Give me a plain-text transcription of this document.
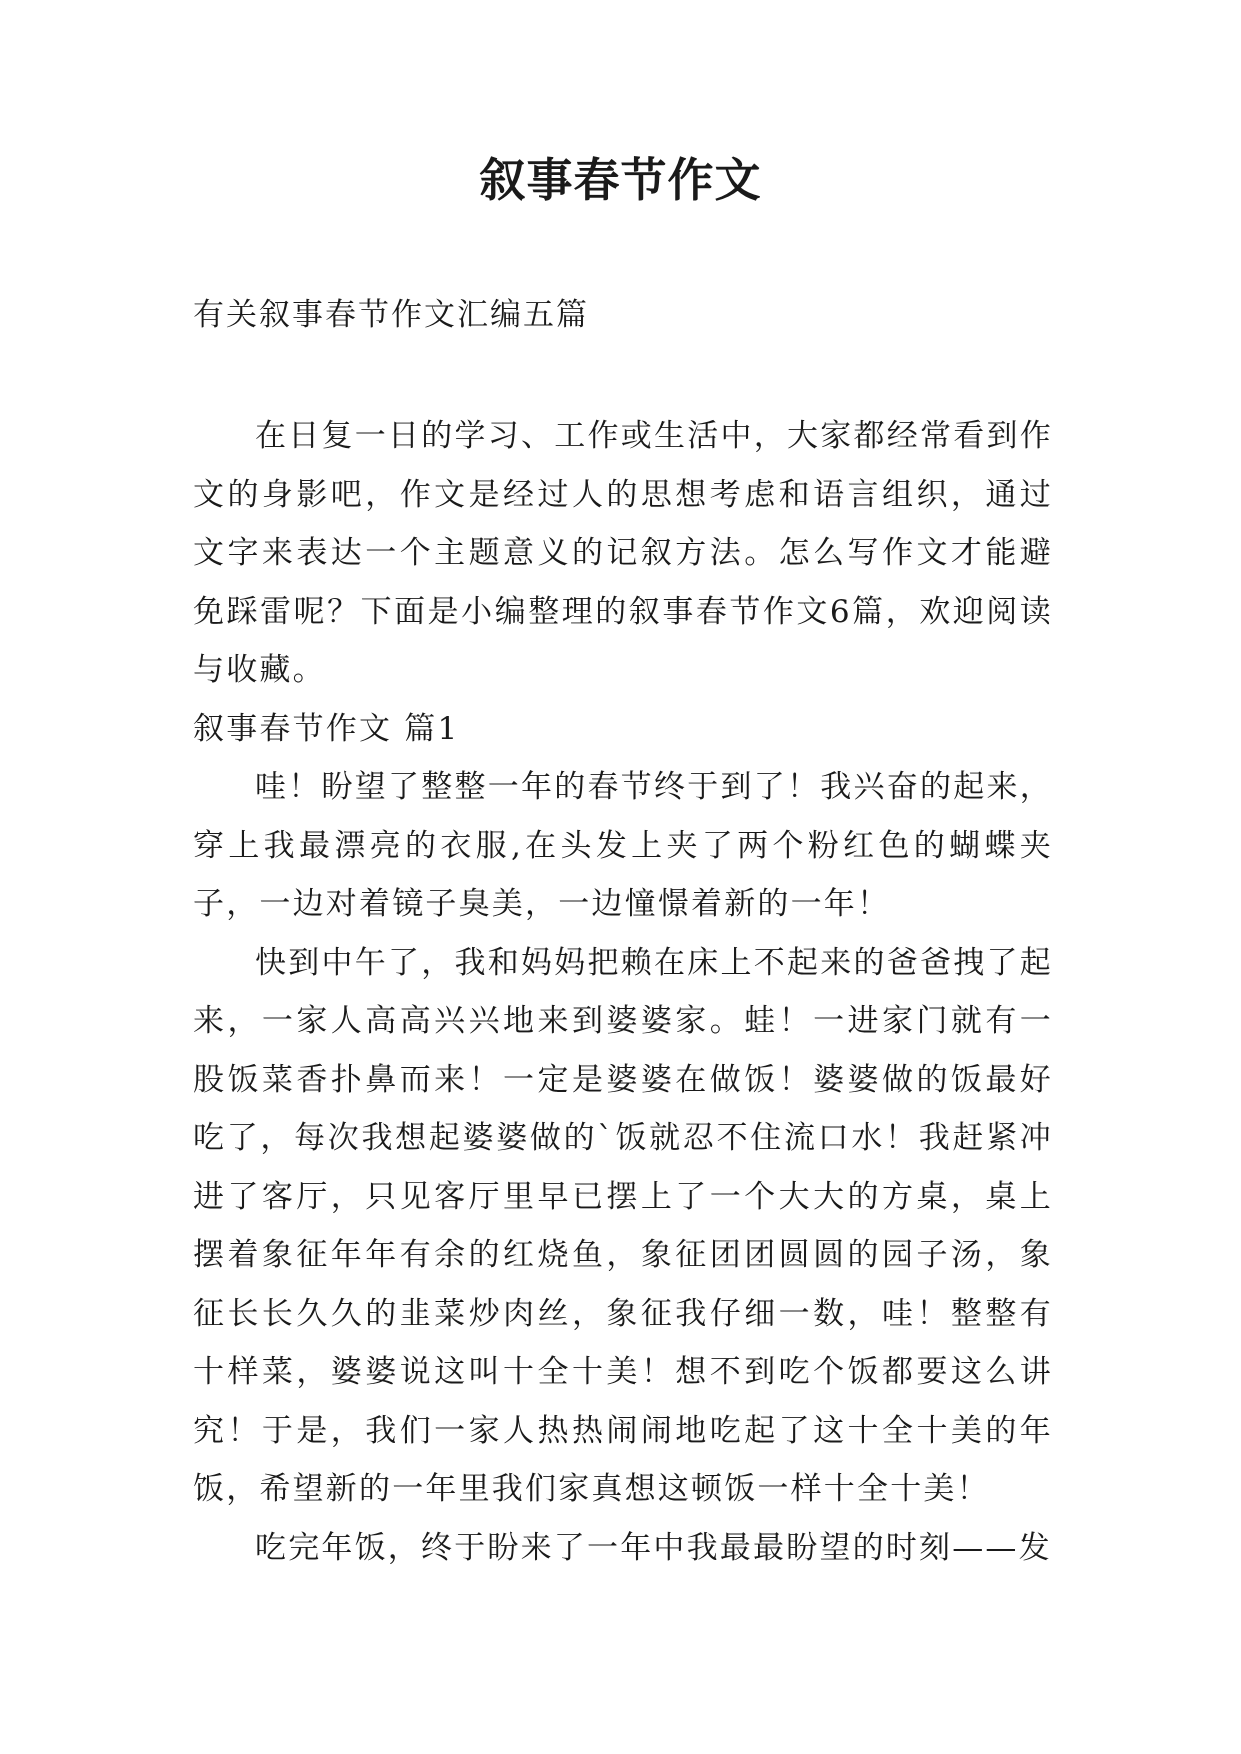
叙事春节作文

有关叙事春节作文汇编五篇

在日复一日的学习、工作或生活中，大家都经常看到作文的身影吧，作文是经过人的思想考虑和语言组织，通过文字来表达一个主题意义的记叙方法。怎么写作文才能避免踩雷呢？下面是小编整理的叙事春节作文6篇，欢迎阅读与收藏。

叙事春节作文 篇1

哇！盼望了整整一年的春节终于到了！我兴奋的起来，穿上我最漂亮的衣服,在头发上夹了两个粉红色的蝴蝶夹子，一边对着镜子臭美，一边憧憬着新的一年！

快到中午了，我和妈妈把赖在床上不起来的爸爸拽了起来，一家人高高兴兴地来到婆婆家。蛙！一进家门就有一股饭菜香扑鼻而来！一定是婆婆在做饭！婆婆做的饭最好吃了，每次我想起婆婆做的`饭就忍不住流口水！我赶紧冲进了客厅，只见客厅里早已摆上了一个大大的方桌，桌上摆着象征年年有余的红烧鱼，象征团团圆圆的园子汤，象征长长久久的韭菜炒肉丝，象征我仔细一数，哇！整整有十样菜，婆婆说这叫十全十美！想不到吃个饭都要这么讲究！于是，我们一家人热热闹闹地吃起了这十全十美的年饭，希望新的一年里我们家真想这顿饭一样十全十美！

吃完年饭，终于盼来了一年中我最最盼望的时刻——发
